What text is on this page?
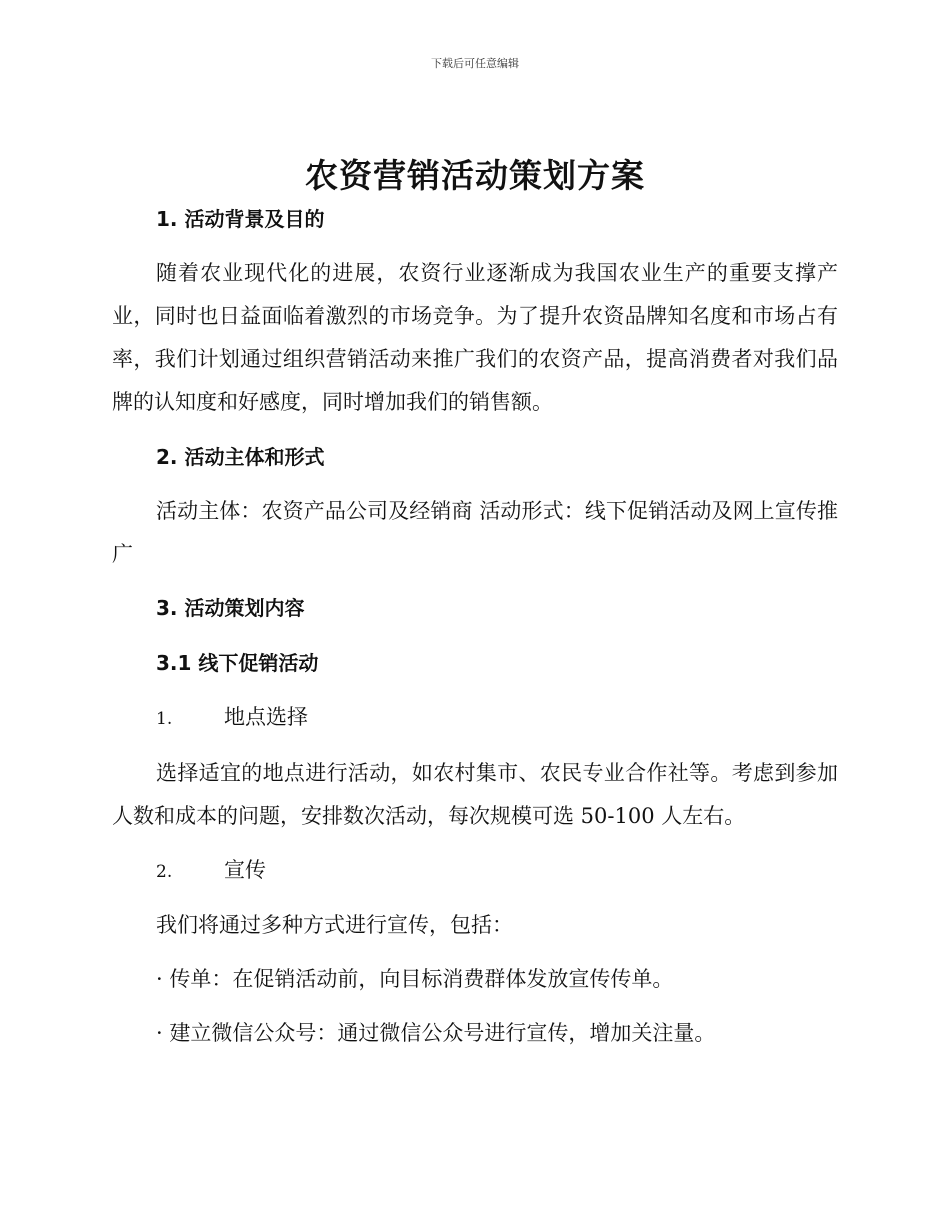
下载后可任意编辑
农资营销活动策划方案

1. 活动背景及目的

随着农业现代化的进展，农资行业逐渐成为我国农业生产的重要支撑产业，同时也日益面临着激烈的市场竞争。为了提升农资品牌知名度和市场占有率，我们计划通过组织营销活动来推广我们的农资产品，提高消费者对我们品牌的认知度和好感度，同时增加我们的销售额。

2. 活动主体和形式

活动主体：农资产品公司及经销商 活动形式：线下促销活动及网上宣传推广

3. 活动策划内容

3.1 线下促销活动

1. 地点选择

选择适宜的地点进行活动，如农村集市、农民专业合作社等。考虑到参加人数和成本的问题，安排数次活动，每次规模可选 50-100 人左右。

2. 宣传

我们将通过多种方式进行宣传，包括：

· 传单：在促销活动前，向目标消费群体发放宣传传单。

· 建立微信公众号：通过微信公众号进行宣传，增加关注量。
